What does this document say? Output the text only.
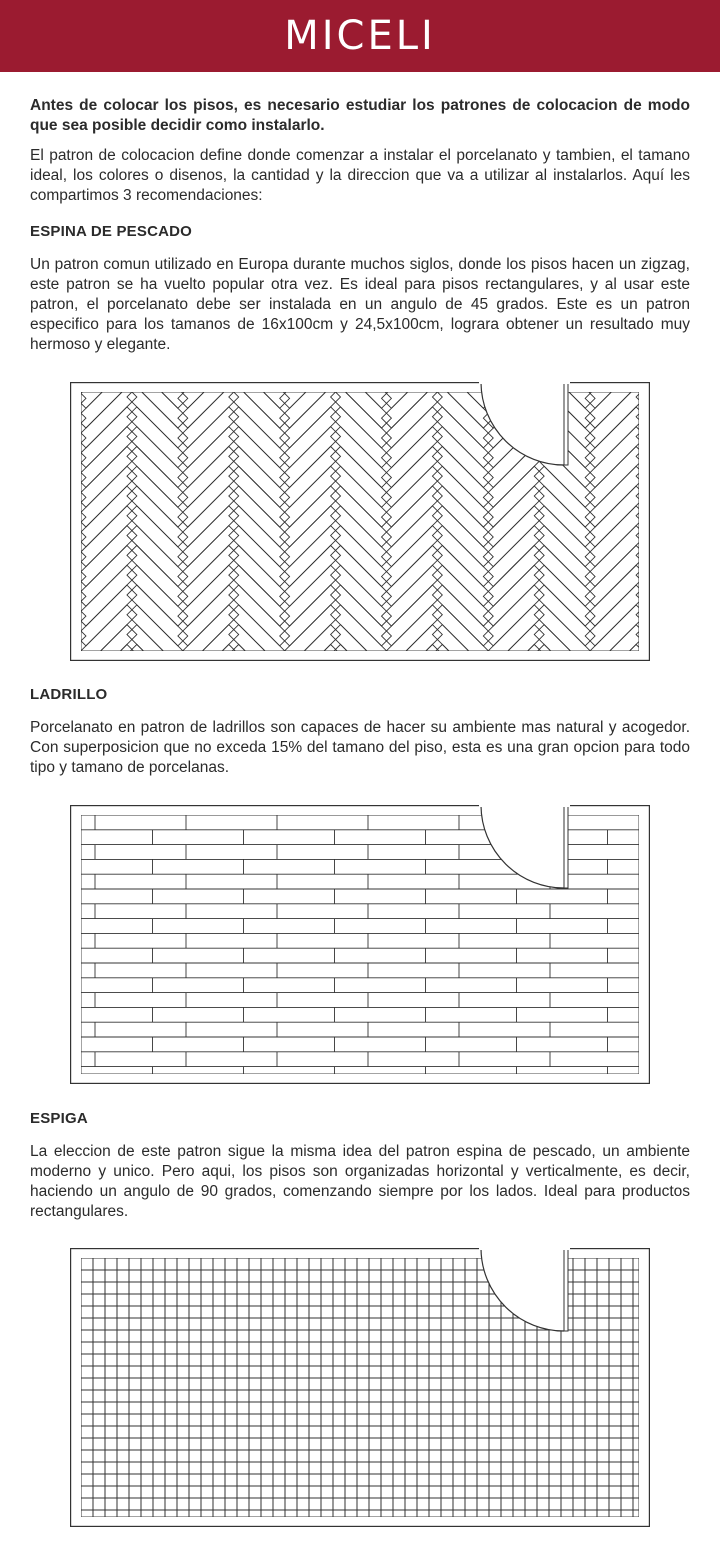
MICELI

Antes de colocar los pisos, es necesario estudiar los patrones de colocacion de modo que sea posible decidir como instalarlo.

El patron de colocacion define donde comenzar a instalar el porcelanato y tambien, el tamano ideal, los colores o disenos, la cantidad y la direccion que va a utilizar al instalarlos. Aquí les compartimos 3 recomendaciones:

ESPINA DE PESCADO

Un patron comun utilizado en Europa durante muchos siglos, donde los pisos hacen un zigzag, este patron se ha vuelto popular otra vez. Es ideal para pisos rectangulares, y al usar este patron, el porcelanato debe ser instalada en un angulo de 45 grados. Este es un patron especifico para los tamanos de 16x100cm y 24,5x100cm, lograra obtener un resultado muy hermoso y elegante.

LADRILLO

Porcelanato en patron de ladrillos son capaces de hacer su ambiente mas natural y acogedor. Con superposicion que no exceda 15% del tamano del piso, esta es una gran opcion para todo tipo y tamano de porcelanas.

ESPIGA

La eleccion de este patron sigue la misma idea del patron espina de pescado, un ambiente moderno y unico. Pero aqui, los pisos son organizadas horizontal y verticalmente, es decir, haciendo un angulo de 90 grados, comenzando siempre por los lados. Ideal para productos rectangulares.
